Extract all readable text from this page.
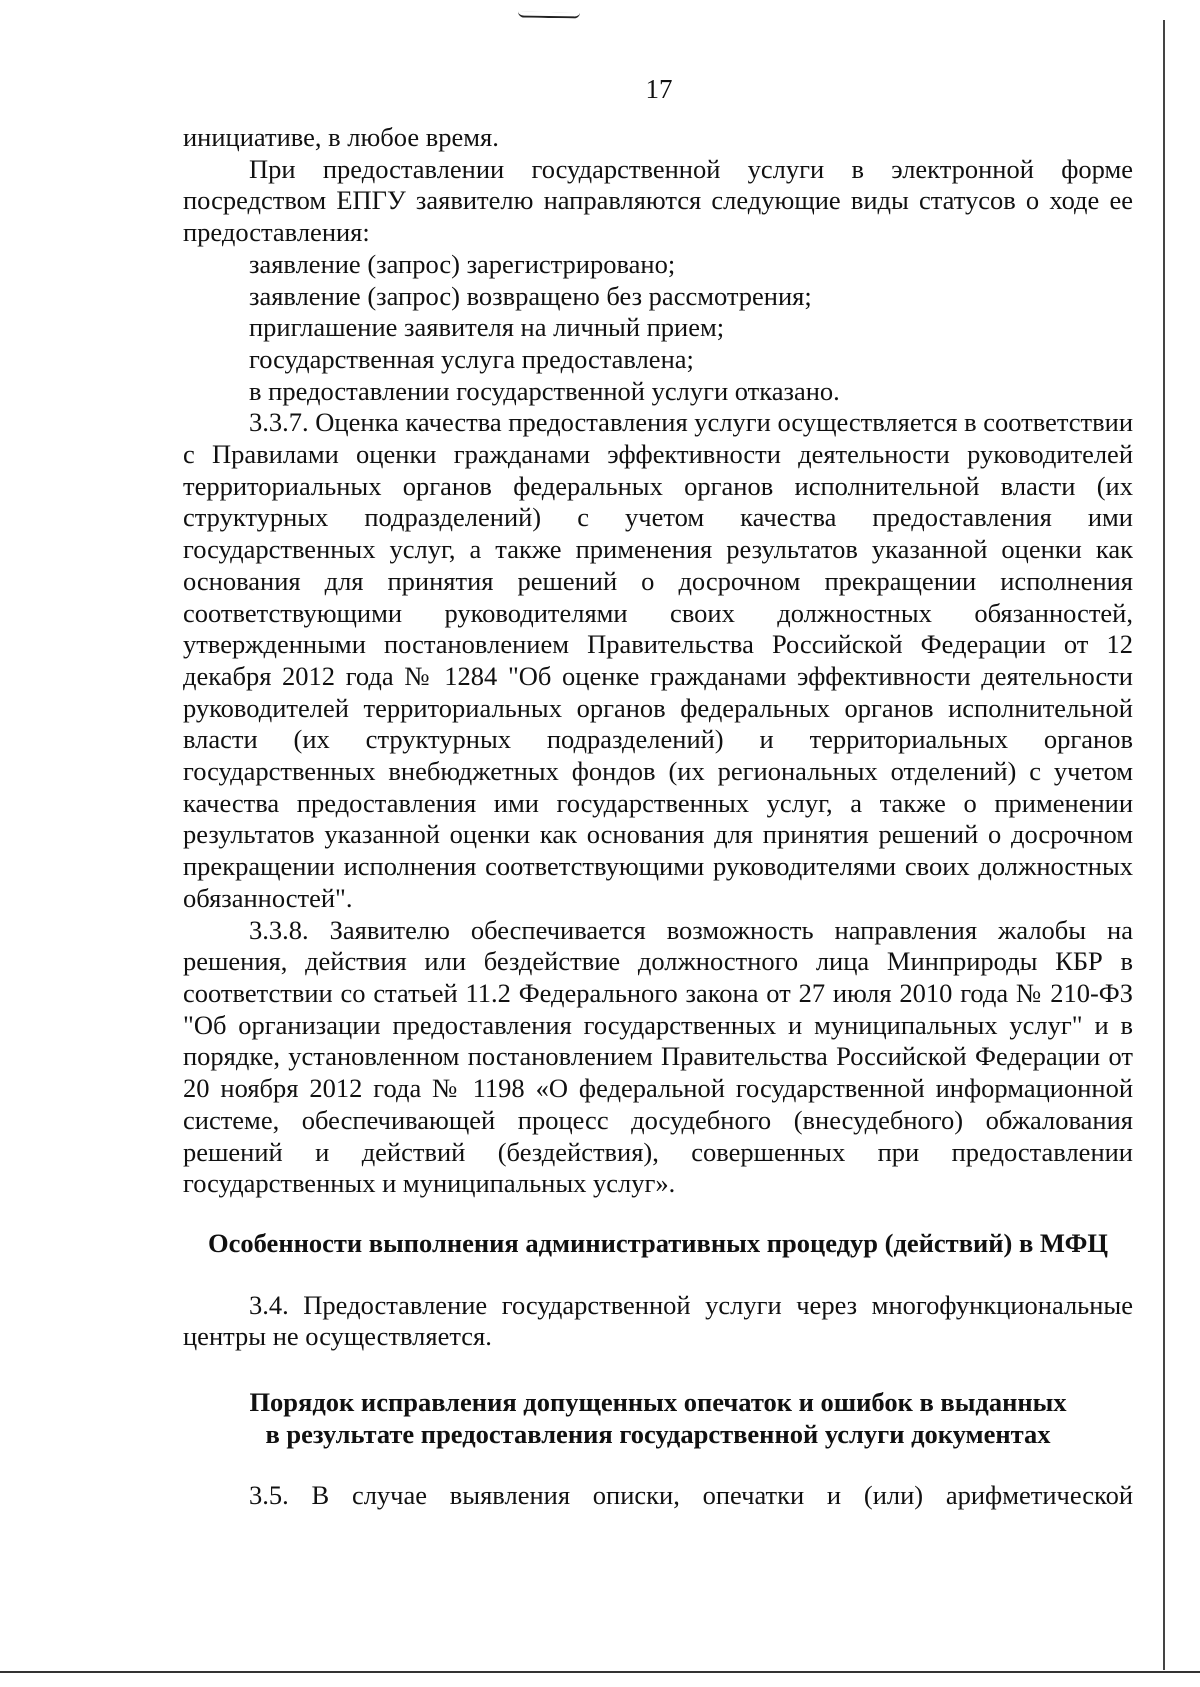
17

инициативе, в любое время.

При предоставлении государственной услуги в электронной форме посредством ЕПГУ заявителю направляются следующие виды статусов о ходе ее предоставления:

заявление (запрос) зарегистрировано;

заявление (запрос) возвращено без рассмотрения;

приглашение заявителя на личный прием;

государственная услуга предоставлена;

в предоставлении государственной услуги отказано.

3.3.7. Оценка качества предоставления услуги осуществляется в соответствии с Правилами оценки гражданами эффективности деятельности руководителей территориальных органов федеральных органов исполнительной власти (их структурных подразделений) с учетом качества предоставления ими государственных услуг, а также применения результатов указанной оценки как основания для принятия решений о досрочном прекращении исполнения соответствующими руководителями своих должностных обязанностей, утвержденными постановлением Правительства Российской Федерации от 12 декабря 2012 года № 1284 "Об оценке гражданами эффективности деятельности руководителей территориальных органов федеральных органов исполнительной власти (их структурных подразделений) и территориальных органов государственных внебюджетных фондов (их региональных отделений) с учетом качества предоставления ими государственных услуг, а также о применении результатов указанной оценки как основания для принятия решений о досрочном прекращении исполнения соответствующими руководителями своих должностных обязанностей".

3.3.8. Заявителю обеспечивается возможность направления жалобы на решения, действия или бездействие должностного лица Минприроды КБР в соответствии со статьей 11.2 Федерального закона от 27 июля 2010 года № 210-ФЗ "Об организации предоставления государственных и муниципальных услуг" и в порядке, установленном постановлением Правительства Российской Федерации от 20 ноября 2012 года № 1198 «О федеральной государственной информационной системе, обеспечивающей процесс досудебного (внесудебного) обжалования решений и действий (бездействия), совершенных при предоставлении государственных и муниципальных услуг».

Особенности выполнения административных процедур (действий) в МФЦ

3.4. Предоставление государственной услуги через многофункциональные центры не осуществляется.

Порядок исправления допущенных опечаток и ошибок в выданных

в результате предоставления государственной услуги документах

3.5. В случае выявления описки, опечатки и (или) арифметической
